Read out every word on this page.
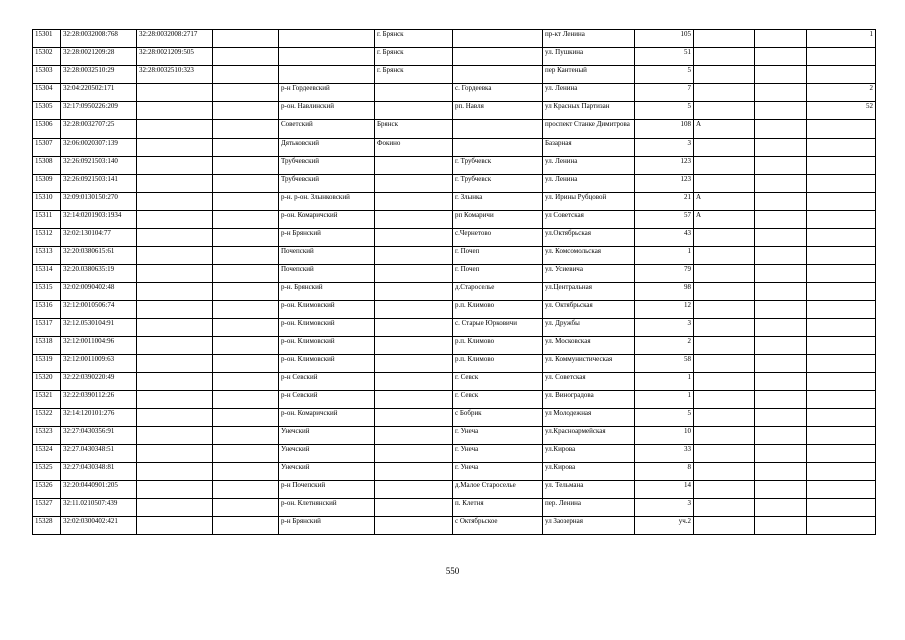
15301	32:28:0032008:768	32:28:0032008:2717			г. Брянск		пр-кт Ленина	105			1
15302	32:28:0021209:28	32:28:0021209:505			г. Брянск		ул. Пушкина	51			
15303	32:28:0032510:29	32:28:0032510:323			г. Брянск		пер Кантеный	5			
15304	32:04:220502:171			р-н Гордеевский		с. Гордеевка	ул. Ленина	7			2
15305	32:17:0950226:209			р-он. Навлинский		рп. Навля	ул Красных Партизан	5			52
15306	32:28:0032707:25			Советский	Брянск		проспект Станке Димитрова	108	А		
15307	32:06:0020307:139			Дятьковский	Фокино		Базарная	3			
15308	32:26:0921503:140			Трубчевский		г. Трубчевск	ул. Ленина	123			
15309	32:26:0921503:141			Трубчевский		г. Трубчевск	ул. Ленина	123			
15310	32:09:0130150:270			р-н. р-он. Злынковский		г. Злынка	ул. Ирины Рубцовой	21	А		
15311	32:14:0201903:1934			р-он. Комаричский		рп Комаричи	ул Советская	57	А		
15312	32:02:130104:77			р-н Брянский		с.Чернетово	ул.Октябрьская	43			
15313	32:20:0380615:61			Почепский		г. Почеп	ул. Комсомольская	1			
15314	32:20.0380635:19			Почепский		г. Почеп	ул. Усиевича	79			
15315	32:02:0090402:48			р-н. Брянский		д.Староселье	ул.Центральная	98			
15316	32:12:0010506:74			р-он. Климовский		р.п. Климово	ул. Октябрьская	12			
15317	32:12.0530104:91			р-он. Климовский		с. Старые Юрковичи	ул. Дружбы	3			
15318	32:12:0011004:96			р-он. Климовский		р.п. Климово	ул. Московская	2			
15319	32:12:0011009:63			р-он. Климовский		р.п. Климово	ул. Коммунистическая	58			
15320	32:22:0390220:49			р-н Севский		г. Севск	ул. Советская	1			
15321	32:22:0390112:26			р-н Севский		г. Севск	ул. Виноградова	1			
15322	32:14:120101:276			р-он. Комаричский		с Бобрик	ул Молодежная	5			
15323	32:27:0430356:91			Унечский		г. Унеча	ул.Красноармейская	10			
15324	32:27.0430348:51			Унечский		г. Унеча	ул.Кирова	33			
15325	32:27:0430348:81			Унечский		г. Унеча	ул.Кирова	8			
15326	32:20:0440901:205			р-н Почепский		д.Малое Староселье	ул. Тельмана	14			
15327	32:11.0210507:439			р-он. Клетнянский		п. Клетня	пер. Ленина	3			
15328	32:02:0300402:421			р-н Брянский		с Октябрьское	ул Заозерная	уч.2			
550
